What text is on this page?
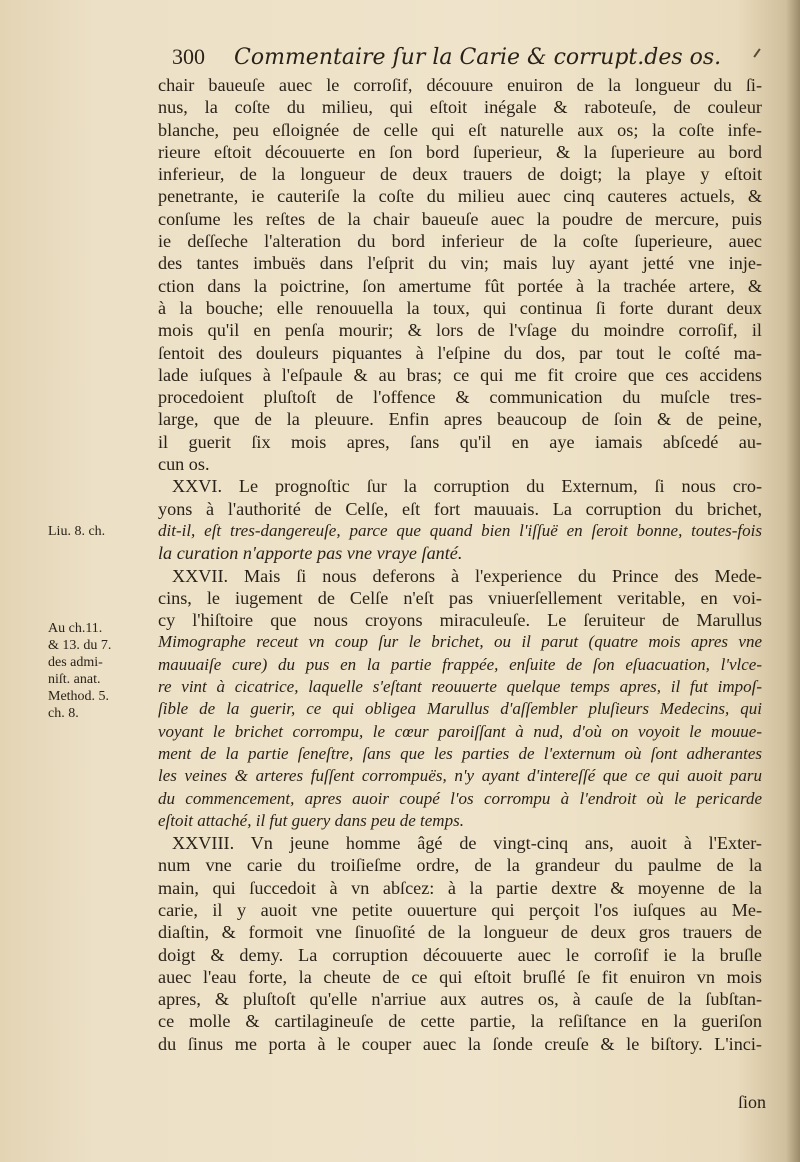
300 Commentaire ſur la Carie & corrupt.des os.
Liu. 8. ch.
Au ch.11.
& 13. du 7.
des admi-
niſt. anat.
Method. 5.
ch. 8.
chair baueuſe auec le corroſif, découure enuiron de la longueur du ſi-
nus, la coſte du milieu, qui eſtoit inégale & raboteuſe, de couleur
blanche, peu eſloignée de celle qui eſt naturelle aux os; la coſte infe-
rieure eſtoit découuerte en ſon bord ſuperieur, & la ſuperieure au bord
inferieur, de la longueur de deux trauers de doigt; la playe y eſtoit
penetrante, ie cauteriſe la coſte du milieu auec cinq cauteres actuels, &
conſume les reſtes de la chair baueuſe auec la poudre de mercure, puis
ie deſſeche l'alteration du bord inferieur de la coſte ſuperieure, auec
des tantes imbuës dans l'eſprit du vin; mais luy ayant jetté vne inje-
ction dans la poictrine, ſon amertume fût portée à la trachée artere, &
à la bouche; elle renouuella la toux, qui continua ſi forte durant deux
mois qu'il en penſa mourir; & lors de l'vſage du moindre corroſif, il
ſentoit des douleurs piquantes à l'eſpine du dos, par tout le coſté ma-
lade iuſques à l'eſpaule & au bras; ce qui me fit croire que ces accidens
procedoient pluſtoſt de l'offence & communication du muſcle tres-
large, que de la pleuure. Enfin apres beaucoup de ſoin & de peine,
il guerit ſix mois apres, ſans qu'il en aye iamais abſcedé au-
cun os.
XXVI. Le prognoſtic ſur la corruption du Externum, ſi nous cro-
yons à l'authorité de Celſe, eſt fort mauuais. La corruption du brichet,
dit-il, eſt tres-dangereuſe, parce que quand bien l'iſſuë en ſeroit bonne, toutes-fois
la curation n'apporte pas vne vraye ſanté.
XXVII. Mais ſi nous deferons à l'experience du Prince des Mede-
cins, le iugement de Celſe n'eſt pas vniuerſellement veritable, en voi-
cy l'hiſtoire que nous croyons miraculeuſe. Le ſeruiteur de Marullus
Mimographe receut vn coup ſur le brichet, ou il parut (quatre mois apres vne
mauuaiſe cure) du pus en la partie frappée, enſuite de ſon eſuacuation, l'vlce-
re vint à cicatrice, laquelle s'eſtant reouuerte quelque temps apres, il fut impoſ-
ſible de la guerir, ce qui obligea Marullus d'aſſembler pluſieurs Medecins, qui
voyant le brichet corrompu, le cœur paroiſſant à nud, d'où on voyoit le mouue-
ment de la partie ſeneſtre, ſans que les parties de l'externum où ſont adherantes
les veines & arteres fuſſent corrompuës, n'y ayant d'intereſſé que ce qui auoit paru
du commencement, apres auoir coupé l'os corrompu à l'endroit où le pericarde
eſtoit attaché, il fut guery dans peu de temps.
XXVIII. Vn jeune homme âgé de vingt-cinq ans, auoit à l'Exter-
num vne carie du troiſieſme ordre, de la grandeur du paulme de la
main, qui ſuccedoit à vn abſcez: à la partie dextre & moyenne de la
carie, il y auoit vne petite ouuerture qui perçoit l'os iuſques au Me-
diaſtin, & formoit vne ſinuoſité de la longueur de deux gros trauers de
doigt & demy. La corruption découuerte auec le corroſif ie la bruſle
auec l'eau forte, la cheute de ce qui eſtoit bruſlé ſe fit enuiron vn mois
apres, & pluſtoſt qu'elle n'arriue aux autres os, à cauſe de la ſubſtan-
ce molle & cartilagineuſe de cette partie, la reſiſtance en la gueriſon
du ſinus me porta à le couper auec la ſonde creuſe & le biſtory. L'inci-
ſion
